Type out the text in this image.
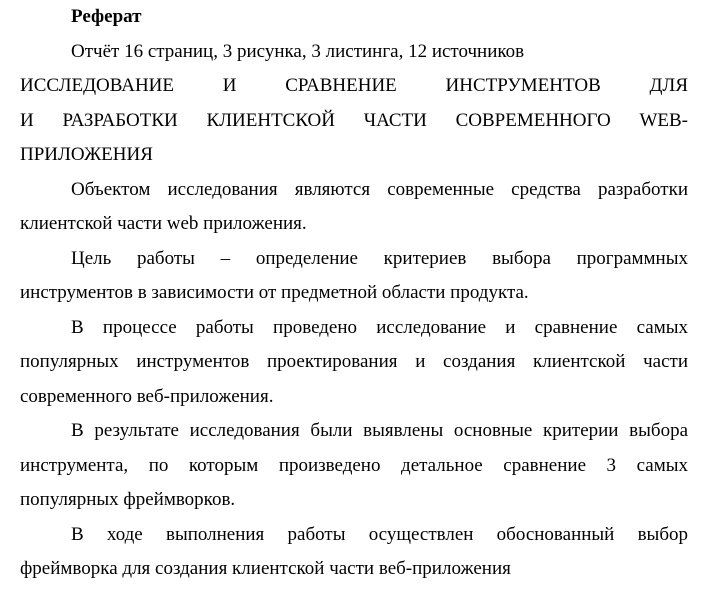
Реферат
Отчёт 16 страниц, 3 рисунка, 3 листинга, 12 источников
ИССЛЕДОВАНИЕ И СРАВНЕНИЕ ИНСТРУМЕНТОВ ДЛЯ
И РАЗРАБОТКИ КЛИЕНТСКОЙ ЧАСТИ СОВРЕМЕННОГО WEB-
ПРИЛОЖЕНИЯ
Объектом исследования являются современные средства разработки
клиентской части web приложения.
Цель работы – определение критериев выбора программных
инструментов в зависимости от предметной области продукта.
В процессе работы проведено исследование и сравнение самых
популярных инструментов проектирования и создания клиентской части
современного веб-приложения.
В результате исследования были выявлены основные критерии выбора
инструмента, по которым произведено детальное сравнение 3 самых
популярных фреймворков.
В ходе выполнения работы осуществлен обоснованный выбор
фреймворка для создания клиентской части веб-приложения
